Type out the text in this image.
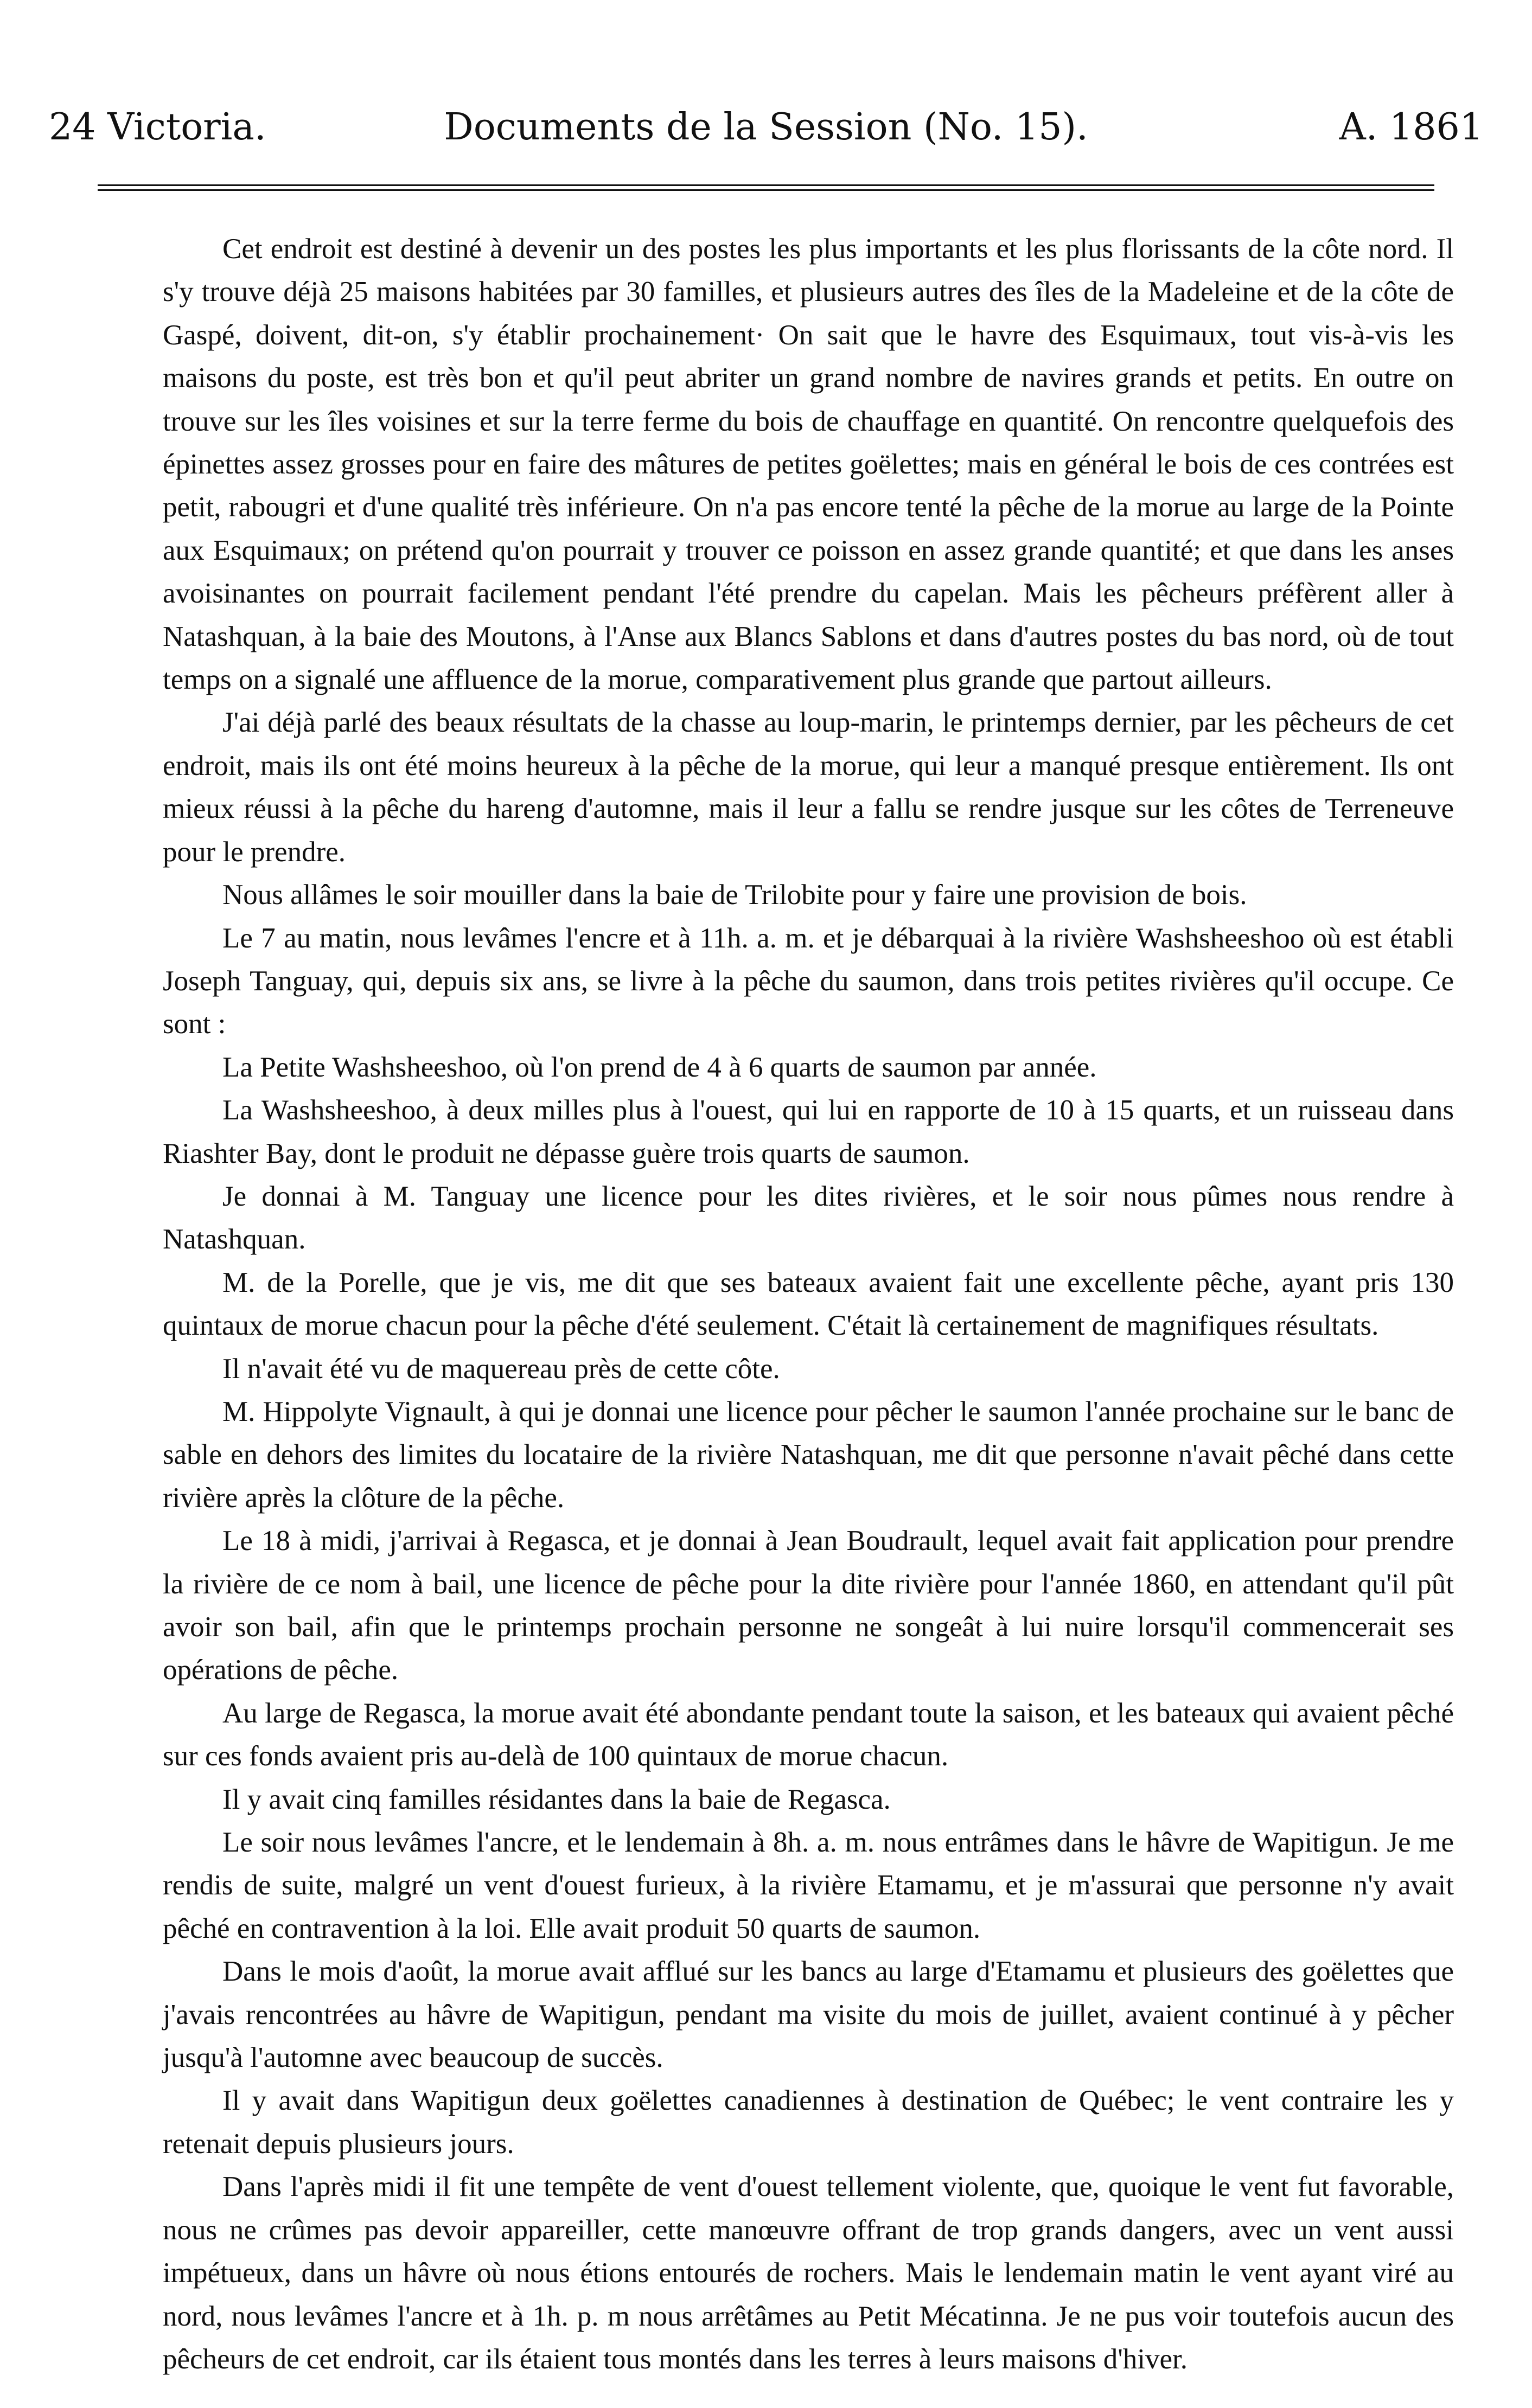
24 Victoria.	Documents de la Session (No. 15).	A. 1861

Cet endroit est destiné à devenir un des postes les plus importants et les plus florissants de la côte nord. Il s'y trouve déjà 25 maisons habitées par 30 familles, et plusieurs autres des îles de la Madeleine et de la côte de Gaspé, doivent, dit-on, s'y établir prochainement· On sait que le havre des Esquimaux, tout vis-à-vis les maisons du poste, est très bon et qu'il peut abriter un grand nombre de navires grands et petits. En outre on trouve sur les îles voisines et sur la terre ferme du bois de chauffage en quantité. On rencontre quelquefois des épinettes assez grosses pour en faire des mâtures de petites goëlettes; mais en général le bois de ces contrées est petit, rabougri et d'une qualité très inférieure. On n'a pas encore tenté la pêche de la morue au large de la Pointe aux Esquimaux; on prétend qu'on pourrait y trouver ce poisson en assez grande quantité; et que dans les anses avoisinantes on pourrait facilement pendant l'été prendre du capelan. Mais les pêcheurs préfèrent aller à Natashquan, à la baie des Moutons, à l'Anse aux Blancs Sablons et dans d'autres postes du bas nord, où de tout temps on a signalé une affluence de la morue, comparativement plus grande que partout ailleurs.

J'ai déjà parlé des beaux résultats de la chasse au loup-marin, le printemps dernier, par les pêcheurs de cet endroit, mais ils ont été moins heureux à la pêche de la morue, qui leur a manqué presque entièrement. Ils ont mieux réussi à la pêche du hareng d'automne, mais il leur a fallu se rendre jusque sur les côtes de Terreneuve pour le prendre.

Nous allâmes le soir mouiller dans la baie de Trilobite pour y faire une provision de bois.

Le 7 au matin, nous levâmes l'encre et à 11h. a. m. et je débarquai à la rivière Washsheeshoo où est établi Joseph Tanguay, qui, depuis six ans, se livre à la pêche du saumon, dans trois petites rivières qu'il occupe. Ce sont :

La Petite Washsheeshoo, où l'on prend de 4 à 6 quarts de saumon par année.

La Washsheeshoo, à deux milles plus à l'ouest, qui lui en rapporte de 10 à 15 quarts, et un ruisseau dans Riashter Bay, dont le produit ne dépasse guère trois quarts de saumon.

Je donnai à M. Tanguay une licence pour les dites rivières, et le soir nous pûmes nous rendre à Natashquan.

M. de la Porelle, que je vis, me dit que ses bateaux avaient fait une excellente pêche, ayant pris 130 quintaux de morue chacun pour la pêche d'été seulement. C'était là certainement de magnifiques résultats.

Il n'avait été vu de maquereau près de cette côte.

M. Hippolyte Vignault, à qui je donnai une licence pour pêcher le saumon l'année prochaine sur le banc de sable en dehors des limites du locataire de la rivière Natashquan, me dit que personne n'avait pêché dans cette rivière après la clôture de la pêche.

Le 18 à midi, j'arrivai à Regasca, et je donnai à Jean Boudrault, lequel avait fait application pour prendre la rivière de ce nom à bail, une licence de pêche pour la dite rivière pour l'année 1860, en attendant qu'il pût avoir son bail, afin que le printemps prochain personne ne songeât à lui nuire lorsqu'il commencerait ses opérations de pêche.

Au large de Regasca, la morue avait été abondante pendant toute la saison, et les bateaux qui avaient pêché sur ces fonds avaient pris au-delà de 100 quintaux de morue chacun.

Il y avait cinq familles résidantes dans la baie de Regasca.

Le soir nous levâmes l'ancre, et le lendemain à 8h. a. m. nous entrâmes dans le hâvre de Wapitigun. Je me rendis de suite, malgré un vent d'ouest furieux, à la rivière Etamamu, et je m'assurai que personne n'y avait pêché en contravention à la loi. Elle avait produit 50 quarts de saumon.

Dans le mois d'août, la morue avait afflué sur les bancs au large d'Etamamu et plusieurs des goëlettes que j'avais rencontrées au hâvre de Wapitigun, pendant ma visite du mois de juillet, avaient continué à y pêcher jusqu'à l'automne avec beaucoup de succès.

Il y avait dans Wapitigun deux goëlettes canadiennes à destination de Québec; le vent contraire les y retenait depuis plusieurs jours.

Dans l'après midi il fit une tempête de vent d'ouest tellement violente, que, quoique le vent fut favorable, nous ne crûmes pas devoir appareiller, cette manœuvre offrant de trop grands dangers, avec un vent aussi impétueux, dans un hâvre où nous étions entourés de rochers. Mais le lendemain matin le vent ayant viré au nord, nous levâmes l'ancre et à 1h. p. m nous arrêtâmes au Petit Mécatinna. Je ne pus voir toutefois aucun des pêcheurs de cet endroit, car ils étaient tous montés dans les terres à leurs maisons d'hiver.
